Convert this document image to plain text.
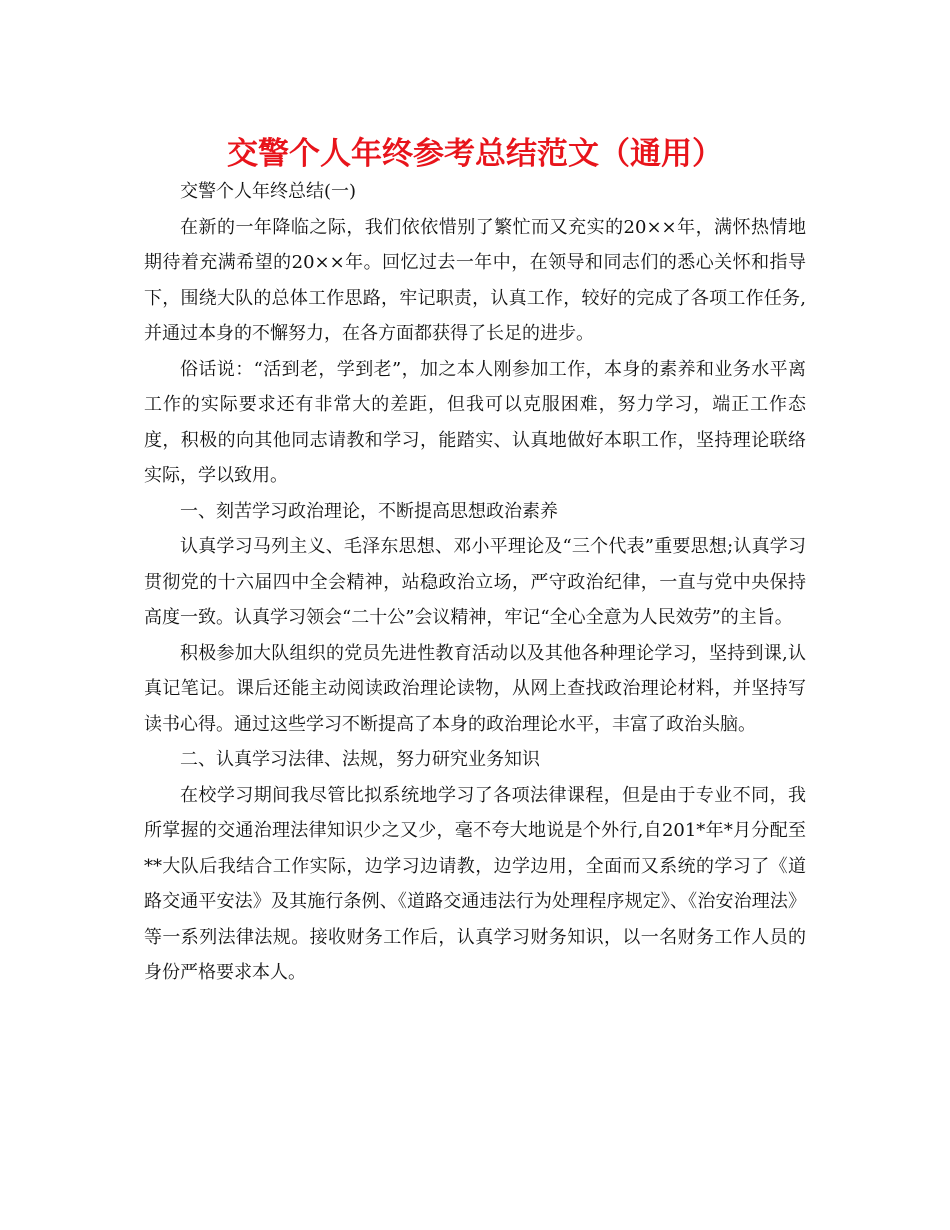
交警个人年终参考总结范文（通用）

交警个人年终总结(一)

在新的一年降临之际，我们依依惜别了繁忙而又充实的20××年，满怀热情地期待着充满希望的20××年。回忆过去一年中，在领导和同志们的悉心关怀和指导下，围绕大队的总体工作思路，牢记职责，认真工作，较好的完成了各项工作任务,并通过本身的不懈努力，在各方面都获得了长足的进步。

俗话说：“活到老，学到老”，加之本人刚参加工作，本身的素养和业务水平离工作的实际要求还有非常大的差距，但我可以克服困难，努力学习，端正工作态度，积极的向其他同志请教和学习，能踏实、认真地做好本职工作，坚持理论联络实际，学以致用。

一、刻苦学习政治理论，不断提高思想政治素养

认真学习马列主义、毛泽东思想、邓小平理论及“三个代表”重要思想;认真学习贯彻党的十六届四中全会精神，站稳政治立场，严守政治纪律，一直与党中央保持高度一致。认真学习领会“二十公”会议精神，牢记“全心全意为人民效劳”的主旨。

积极参加大队组织的党员先进性教育活动以及其他各种理论学习，坚持到课,认真记笔记。课后还能主动阅读政治理论读物，从网上查找政治理论材料，并坚持写读书心得。通过这些学习不断提高了本身的政治理论水平，丰富了政治头脑。

二、认真学习法律、法规，努力研究业务知识

在校学习期间我尽管比拟系统地学习了各项法律课程，但是由于专业不同，我所掌握的交通治理法律知识少之又少，毫不夸大地说是个外行,自201*年*月分配至**大队后我结合工作实际，边学习边请教，边学边用，全面而又系统的学习了《道路交通平安法》及其施行条例、《道路交通违法行为处理程序规定》、《治安治理法》等一系列法律法规。接收财务工作后，认真学习财务知识，以一名财务工作人员的身份严格要求本人。
